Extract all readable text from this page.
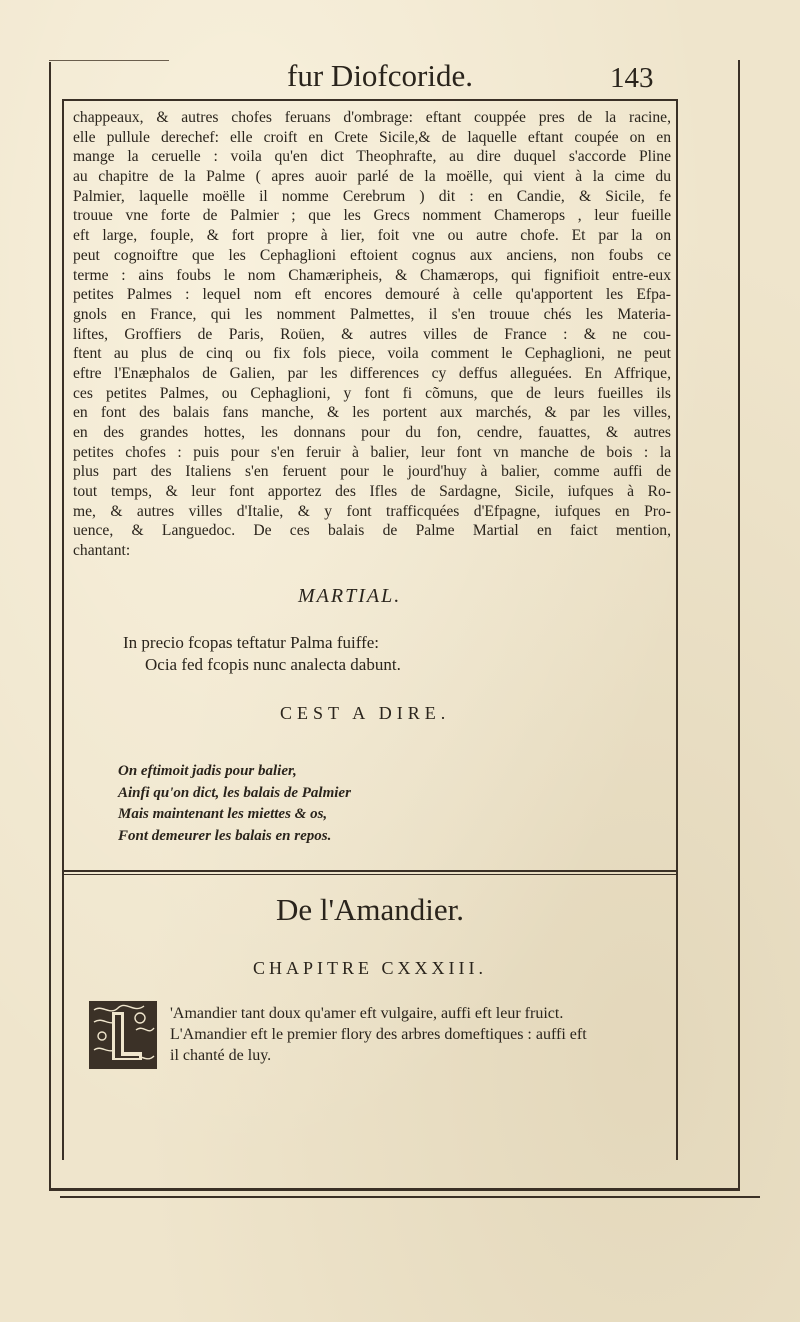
fur Diofcoride.	143
chappeaux, & autres chofes feruans d'ombrage: eftant couppée pres de la racine,
elle pullule derechef: elle croift en Crete Sicile,& de laquelle eftant coupée on en
mange la ceruelle : voila qu'en dict Theophrafte, au dire duquel s'accorde Pline
au chapitre de la Palme ( apres auoir parlé de la moëlle, qui vient à la cime du
Palmier, laquelle moëlle il nomme Cerebrum ) dit : en Candie, & Sicile, fe
trouue vne forte de Palmier ; que les Grecs nomment Chamerops , leur fueille
eft large, fouple, & fort propre à lier, foit vne ou autre chofe. Et par la on
peut cognoiftre que les Cephaglioni eftoient cognus aux anciens, non foubs ce
terme : ains foubs le nom Chamæripheis, & Chamærops, qui fignifioit entre-eux
petites Palmes : lequel nom eft encores demouré à celle qu'apportent les Efpa-
gnols en France, qui les nomment Palmettes, il s'en trouue chés les Materia-
liftes, Groffiers de Paris, Roüen, & autres villes de France : & ne cou-
ftent au plus de cinq ou fix fols piece, voila comment le Cephaglioni, ne peut
eftre l'Enæphalos de Galien, par les differences cy deffus alleguées. En Affrique,
ces petites Palmes, ou Cephaglioni, y font fi cõmuns, que de leurs fueilles ils
en font des balais fans manche, & les portent aux marchés, & par les villes,
en des grandes hottes, les donnans pour du fon, cendre, fauattes, & autres
petites chofes : puis pour s'en feruir à balier, leur font vn manche de bois : la
plus part des Italiens s'en feruent pour le jourd'huy à balier, comme auffi de
tout temps, & leur font apportez des Ifles de Sardagne, Sicile, iufques à Ro-
me, & autres villes d'Italie, & y font trafficquées d'Efpagne, iufques en Pro-
uence, & Languedoc. De ces balais de Palme Martial en faict mention,
chantant:
MARTIAL.
In precio fcopas teftatur Palma fuiffe:
Ocia fed fcopis nunc analecta dabunt.
CEST A DIRE.
On eftimoit jadis pour balier,
Ainfi qu'on dict, les balais de Palmier
Mais maintenant les miettes & os,
Font demeurer les balais en repos.
De l'Amandier.
CHAPITRE CXXXIII.
'Amandier tant doux qu'amer eft vulgaire, auffi eft leur fruict.
L'Amandier eft le premier flory des arbres domeftiques : auffi eft
il chanté de luy.
